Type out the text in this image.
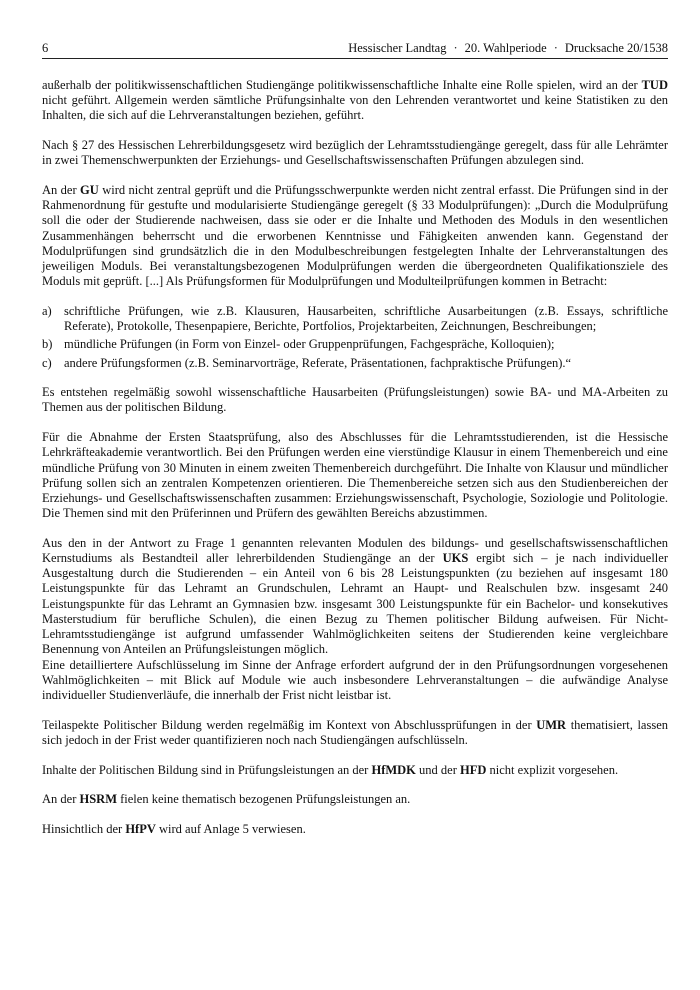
6	Hessischer Landtag · 20. Wahlperiode · Drucksache 20/1538

außerhalb der politikwissenschaftlichen Studiengänge politikwissenschaftliche Inhalte eine Rolle spielen, wird an der TUD nicht geführt. Allgemein werden sämtliche Prüfungsinhalte von den Lehrenden verantwortet und keine Statistiken zu den Inhalten, die sich auf die Lehrveranstaltungen beziehen, geführt.

Nach § 27 des Hessischen Lehrerbildungsgesetz wird bezüglich der Lehramtsstudiengänge geregelt, dass für alle Lehrämter in zwei Themenschwerpunkten der Erziehungs- und Gesellschaftswissenschaften Prüfungen abzulegen sind.

An der GU wird nicht zentral geprüft und die Prüfungsschwerpunkte werden nicht zentral erfasst. Die Prüfungen sind in der Rahmenordnung für gestufte und modularisierte Studiengänge geregelt (§ 33 Modulprüfungen): „Durch die Modulprüfung soll die oder der Studierende nachweisen, dass sie oder er die Inhalte und Methoden des Moduls in den wesentlichen Zusammenhängen beherrscht und die erworbenen Kenntnisse und Fähigkeiten anwenden kann. Gegenstand der Modulprüfungen sind grundsätzlich die in den Modulbeschreibungen festgelegten Inhalte der Lehrveranstaltungen des jeweiligen Moduls. Bei veranstaltungsbezogenen Modulprüfungen werden die übergeordneten Qualifikationsziele des Moduls mit geprüft. [...] Als Prüfungsformen für Modulprüfungen und Modulteilprüfungen kommen in Betracht:

a) schriftliche Prüfungen, wie z.B. Klausuren, Hausarbeiten, schriftliche Ausarbeitungen (z.B. Essays, schriftliche Referate), Protokolle, Thesenpapiere, Berichte, Portfolios, Projektarbeiten, Zeichnungen, Beschreibungen;
b) mündliche Prüfungen (in Form von Einzel- oder Gruppenprüfungen, Fachgespräche, Kolloquien);
c) andere Prüfungsformen (z.B. Seminarvorträge, Referate, Präsentationen, fachpraktische Prüfungen).“

Es entstehen regelmäßig sowohl wissenschaftliche Hausarbeiten (Prüfungsleistungen) sowie BA- und MA-Arbeiten zu Themen aus der politischen Bildung.

Für die Abnahme der Ersten Staatsprüfung, also des Abschlusses für die Lehramtsstudierenden, ist die Hessische Lehrkräfteakademie verantwortlich. Bei den Prüfungen werden eine vierstündige Klausur in einem Themenbereich und eine mündliche Prüfung von 30 Minuten in einem zweiten Themenbereich durchgeführt. Die Inhalte von Klausur und mündlicher Prüfung sollen sich an zentralen Kompetenzen orientieren. Die Themenbereiche setzen sich aus den Studienbereichen der Erziehungs- und Gesellschaftswissenschaften zusammen: Erziehungswissenschaft, Psychologie, Soziologie und Politologie. Die Themen sind mit den Prüferinnen und Prüfern des gewählten Bereichs abzustimmen.

Aus den in der Antwort zu Frage 1 genannten relevanten Modulen des bildungs- und gesellschaftswissenschaftlichen Kernstudiums als Bestandteil aller lehrerbildenden Studiengänge an der UKS ergibt sich – je nach individueller Ausgestaltung durch die Studierenden – ein Anteil von 6 bis 28 Leistungspunkten (zu beziehen auf insgesamt 180 Leistungspunkte für das Lehramt an Grundschulen, Lehramt an Haupt- und Realschulen bzw. insgesamt 240 Leistungspunkte für das Lehramt an Gymnasien bzw. insgesamt 300 Leistungspunkte für ein Bachelor- und konsekutives Masterstudium für berufliche Schulen), die einen Bezug zu Themen politischer Bildung aufweisen. Für Nicht-Lehramtsstudiengänge ist aufgrund umfassender Wahlmöglichkeiten seitens der Studierenden keine vergleichbare Benennung von Anteilen an Prüfungsleistungen möglich.

Eine detailliertere Aufschlüsselung im Sinne der Anfrage erfordert aufgrund der in den Prüfungsordnungen vorgesehenen Wahlmöglichkeiten – mit Blick auf Module wie auch insbesondere Lehrveranstaltungen – die aufwändige Analyse individueller Studienverläufe, die innerhalb der Frist nicht leistbar ist.

Teilaspekte Politischer Bildung werden regelmäßig im Kontext von Abschlussprüfungen in der UMR thematisiert, lassen sich jedoch in der Frist weder quantifizieren noch nach Studiengängen aufschlüsseln.

Inhalte der Politischen Bildung sind in Prüfungsleistungen an der HfMDK und der HFD nicht explizit vorgesehen.

An der HSRM fielen keine thematisch bezogenen Prüfungsleistungen an.

Hinsichtlich der HfPV wird auf Anlage 5 verwiesen.
